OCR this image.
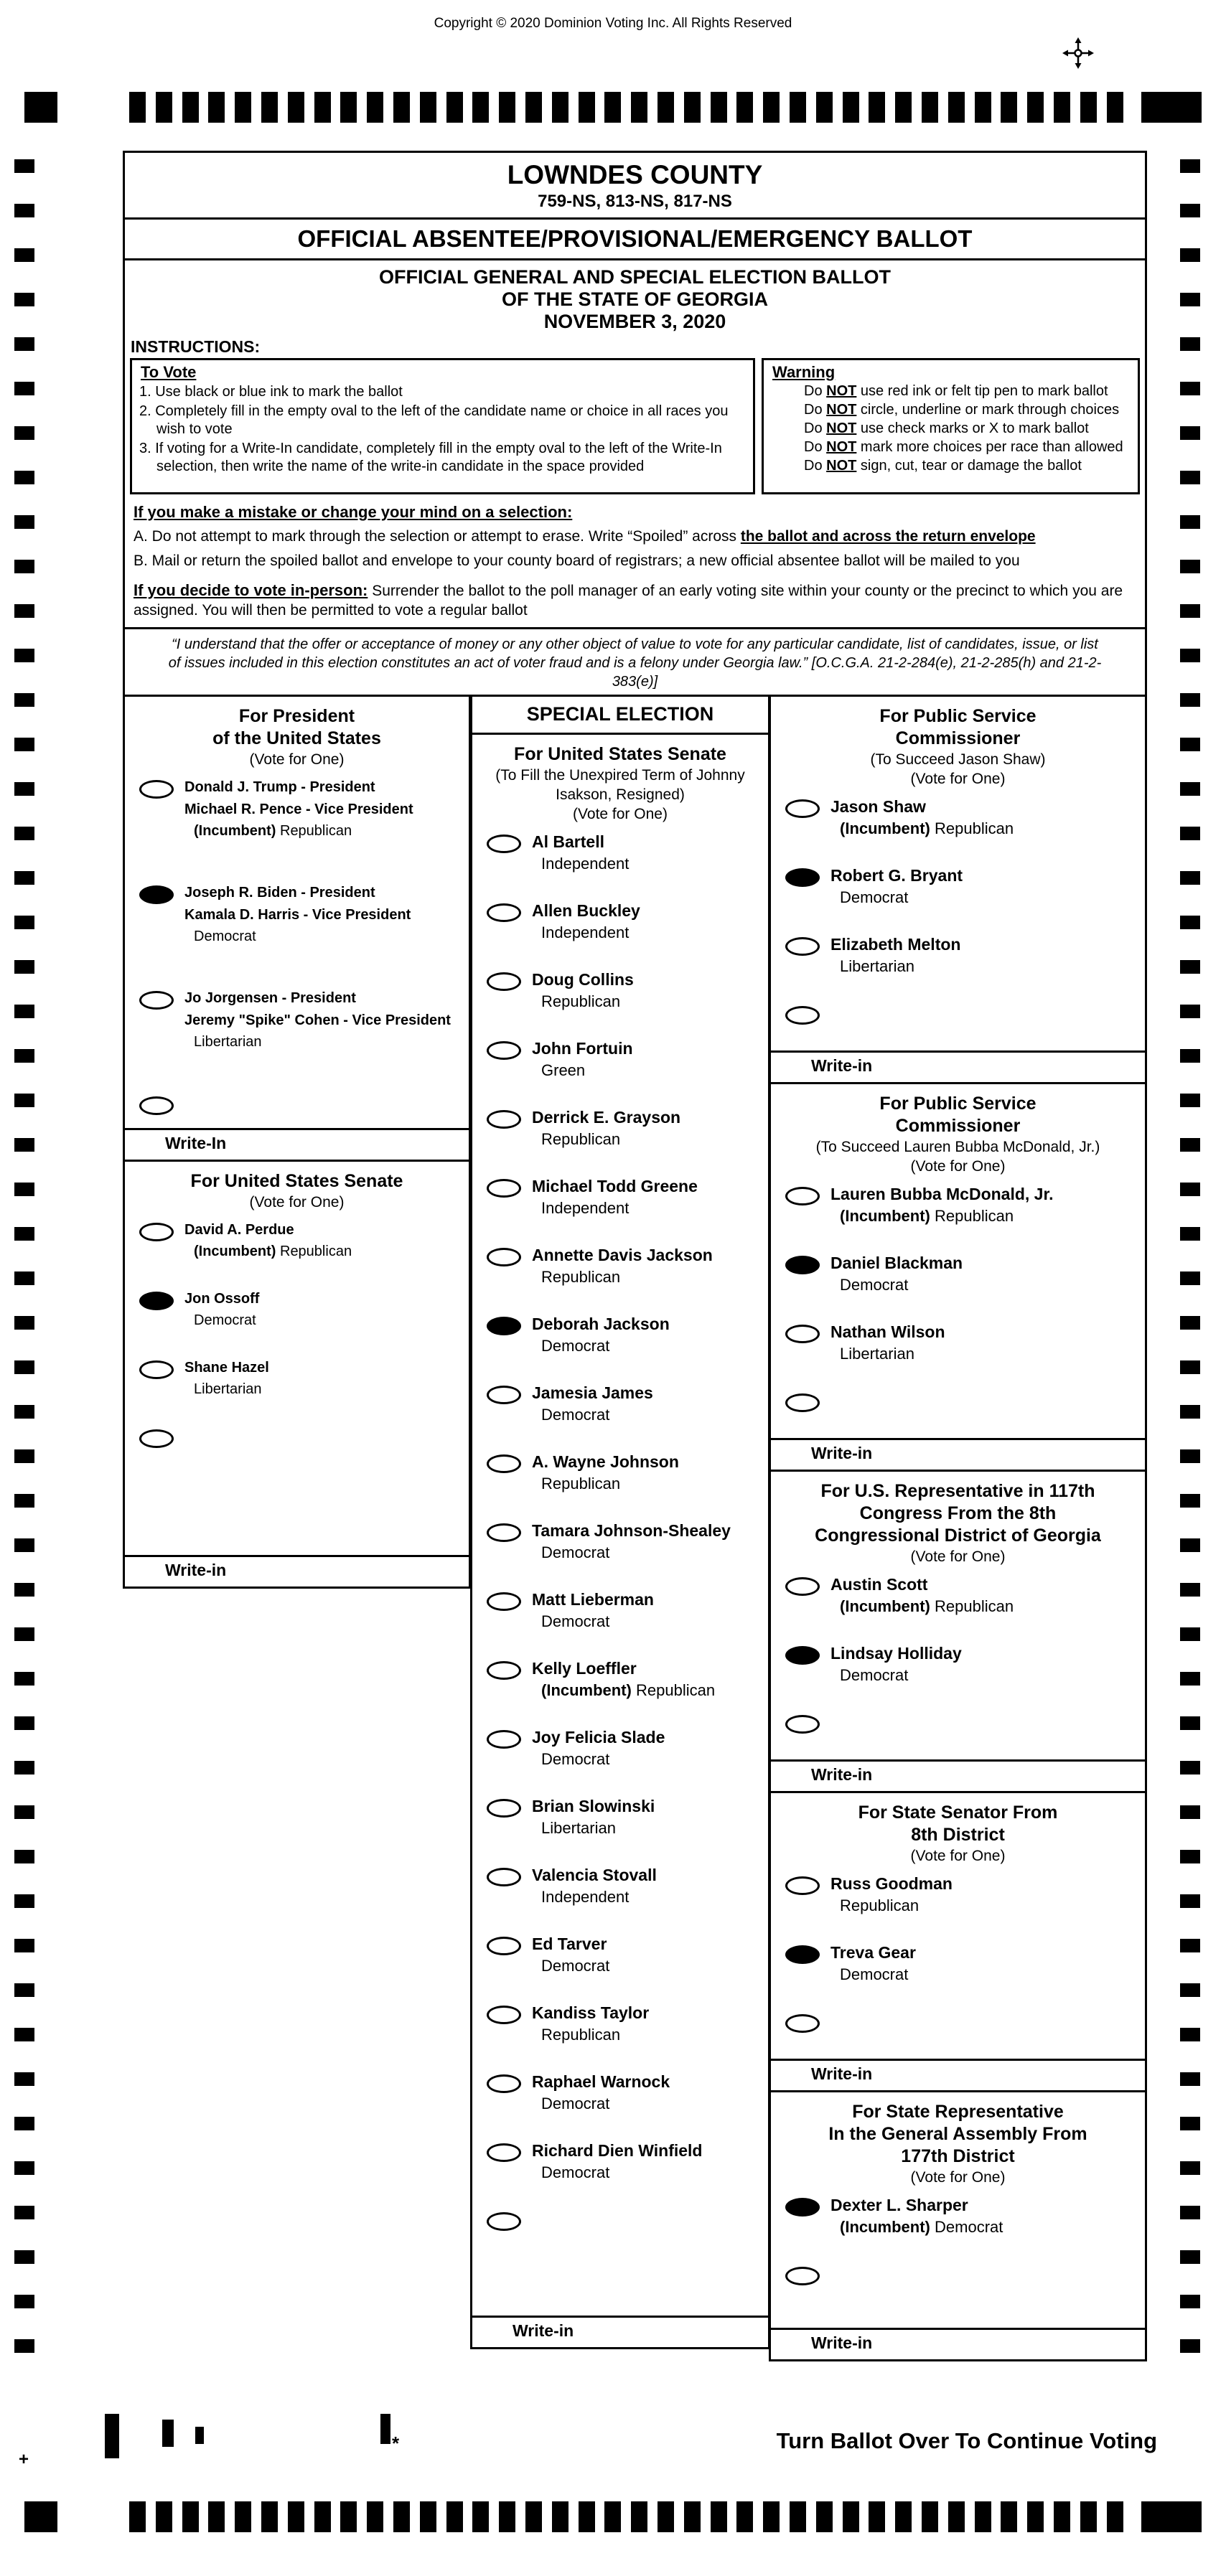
Copyright © 2020 Dominion Voting Inc. All Rights Reserved
LOWNDES COUNTY
759-NS, 813-NS, 817-NS
OFFICIAL ABSENTEE/PROVISIONAL/EMERGENCY BALLOT
OFFICIAL GENERAL AND SPECIAL ELECTION BALLOT
OF THE STATE OF GEORGIA
NOVEMBER 3, 2020
INSTRUCTIONS:
To Vote
1. Use black or blue ink to mark the ballot
2. Completely fill in the empty oval to the left of the candidate name or choice in all races you wish to vote
3. If voting for a Write-In candidate, completely fill in the empty oval to the left of the Write-In selection, then write the name of the write-in candidate in the space provided
Warning
Do NOT use red ink or felt tip pen to mark ballot
Do NOT circle, underline or mark through choices
Do NOT use check marks or X to mark ballot
Do NOT mark more choices per race than allowed
Do NOT sign, cut, tear or damage the ballot
If you make a mistake or change your mind on a selection:
A. Do not attempt to mark through the selection or attempt to erase. Write “Spoiled” across the ballot and across the return envelope
B. Mail or return the spoiled ballot and envelope to your county board of registrars; a new official absentee ballot will be mailed to you
If you decide to vote in-person: Surrender the ballot to the poll manager of an early voting site within your county or the precinct to which you are assigned. You will then be permitted to vote a regular ballot
“I understand that the offer or acceptance of money or any other object of value to vote for any particular candidate, list of candidates, issue, or list of issues included in this election constitutes an act of voter fraud and is a felony under Georgia law.” [O.C.G.A. 21-2-284(e), 21-2-285(h) and 21-2-383(e)]
For President
of the United States
(Vote for One)
Donald J. Trump - President
Michael R. Pence - Vice President
(Incumbent) Republican
Joseph R. Biden - President
Kamala D. Harris - Vice President
Democrat
Jo Jorgensen - President
Jeremy "Spike" Cohen - Vice President
Libertarian
Write-In
For United States Senate
(Vote for One)
David A. Perdue
(Incumbent) Republican
Jon Ossoff
Democrat
Shane Hazel
Libertarian
Write-in
SPECIAL ELECTION
For United States Senate
(To Fill the Unexpired Term of Johnny
Isakson, Resigned)
(Vote for One)
Al Bartell
Independent
Allen Buckley
Independent
Doug Collins
Republican
John Fortuin
Green
Derrick E. Grayson
Republican
Michael Todd Greene
Independent
Annette Davis Jackson
Republican
Deborah Jackson
Democrat
Jamesia James
Democrat
A. Wayne Johnson
Republican
Tamara Johnson-Shealey
Democrat
Matt Lieberman
Democrat
Kelly Loeffler
(Incumbent) Republican
Joy Felicia Slade
Democrat
Brian Slowinski
Libertarian
Valencia Stovall
Independent
Ed Tarver
Democrat
Kandiss Taylor
Republican
Raphael Warnock
Democrat
Richard Dien Winfield
Democrat
Write-in
For Public Service
Commissioner
(To Succeed Jason Shaw)
(Vote for One)
Jason Shaw
(Incumbent) Republican
Robert G. Bryant
Democrat
Elizabeth Melton
Libertarian
Write-in
For Public Service
Commissioner
(To Succeed Lauren Bubba McDonald, Jr.)
(Vote for One)
Lauren Bubba McDonald, Jr.
(Incumbent) Republican
Daniel Blackman
Democrat
Nathan Wilson
Libertarian
Write-in
For U.S. Representative in 117th
Congress From the 8th
Congressional District of Georgia
(Vote for One)
Austin Scott
(Incumbent) Republican
Lindsay Holliday
Democrat
Write-in
For State Senator From
8th District
(Vote for One)
Russ Goodman
Republican
Treva Gear
Democrat
Write-in
For State Representative
In the General Assembly From
177th District
(Vote for One)
Dexter L. Sharper
(Incumbent) Democrat
Write-in
+
*	Turn Ballot Over To Continue Voting
